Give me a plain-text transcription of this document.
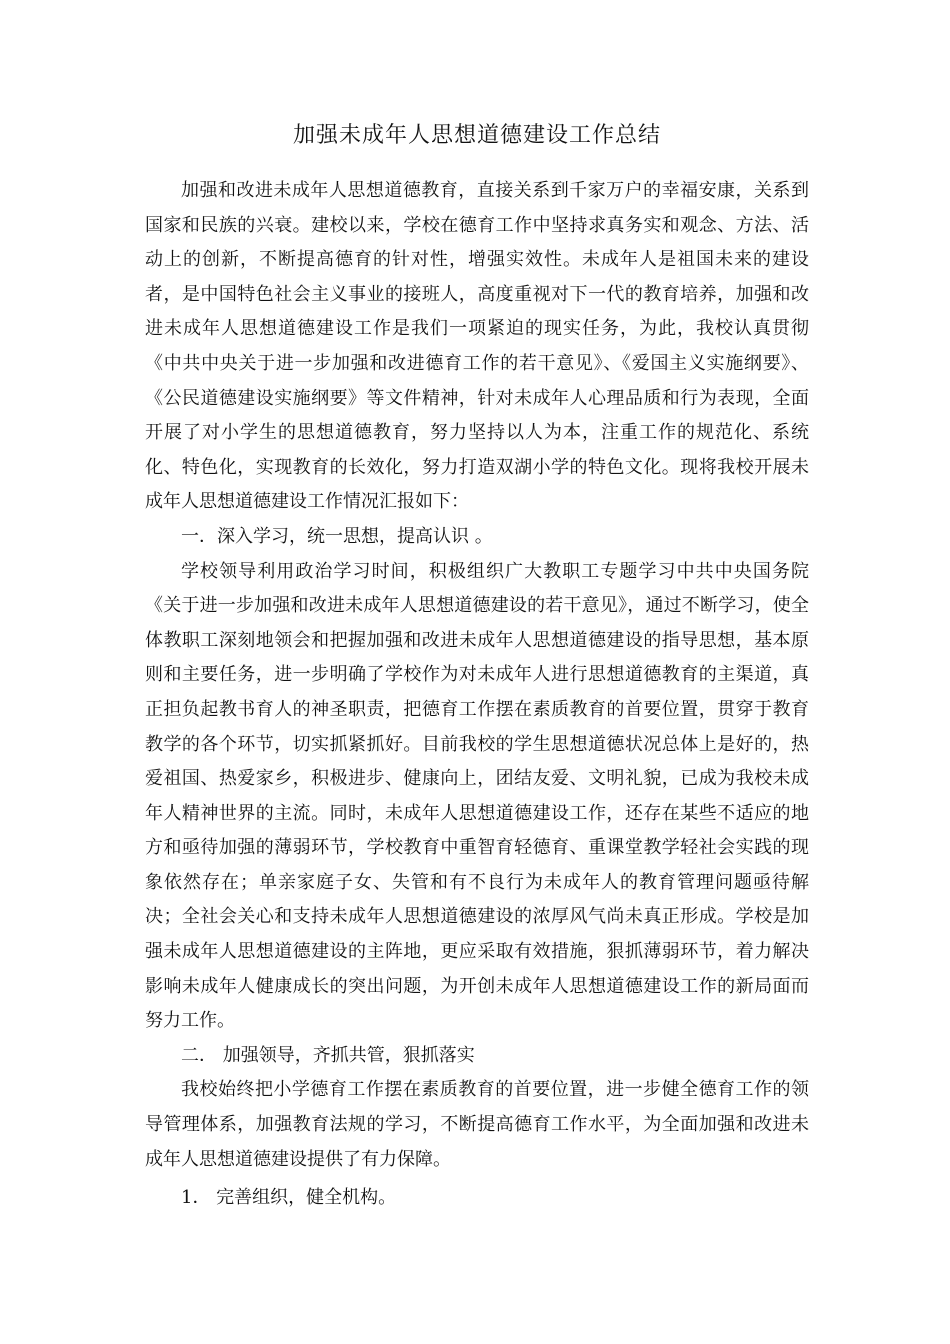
加强未成年人思想道德建设工作总结

加强和改进未成年人思想道德教育，直接关系到千家万户的幸福安康，关系到国家和民族的兴衰。建校以来，学校在德育工作中坚持求真务实和观念、方法、活动上的创新，不断提高德育的针对性，增强实效性。未成年人是祖国未来的建设者，是中国特色社会主义事业的接班人，高度重视对下一代的教育培养，加强和改进未成年人思想道德建设工作是我们一项紧迫的现实任务，为此，我校认真贯彻《中共中央关于进一步加强和改进德育工作的若干意见》、《爱国主义实施纲要》、《公民道德建设实施纲要》等文件精神，针对未成年人心理品质和行为表现，全面开展了对小学生的思想道德教育，努力坚持以人为本，注重工作的规范化、系统化、特色化，实现教育的长效化，努力打造双湖小学的特色文化。现将我校开展未成年人思想道德建设工作情况汇报如下：

一．深入学习，统一思想，提高认识 。

学校领导利用政治学习时间，积极组织广大教职工专题学习中共中央国务院《关于进一步加强和改进未成年人思想道德建设的若干意见》，通过不断学习，使全体教职工深刻地领会和把握加强和改进未成年人思想道德建设的指导思想，基本原则和主要任务，进一步明确了学校作为对未成年人进行思想道德教育的主渠道，真正担负起教书育人的神圣职责，把德育工作摆在素质教育的首要位置，贯穿于教育教学的各个环节，切实抓紧抓好。目前我校的学生思想道德状况总体上是好的，热爱祖国、热爱家乡，积极进步、健康向上，团结友爱、文明礼貌，已成为我校未成年人精神世界的主流。同时，未成年人思想道德建设工作，还存在某些不适应的地方和亟待加强的薄弱环节，学校教育中重智育轻德育、重课堂教学轻社会实践的现象依然存在；单亲家庭子女、失管和有不良行为未成年人的教育管理问题亟待解决；全社会关心和支持未成年人思想道德建设的浓厚风气尚未真正形成。学校是加强未成年人思想道德建设的主阵地，更应采取有效措施，狠抓薄弱环节，着力解决影响未成年人健康成长的突出问题，为开创未成年人思想道德建设工作的新局面而努力工作。

二． 加强领导，齐抓共管，狠抓落实

我校始终把小学德育工作摆在素质教育的首要位置，进一步健全德育工作的领导管理体系，加强教育法规的学习，不断提高德育工作水平，为全面加强和改进未成年人思想道德建设提供了有力保障。

1． 完善组织，健全机构。
